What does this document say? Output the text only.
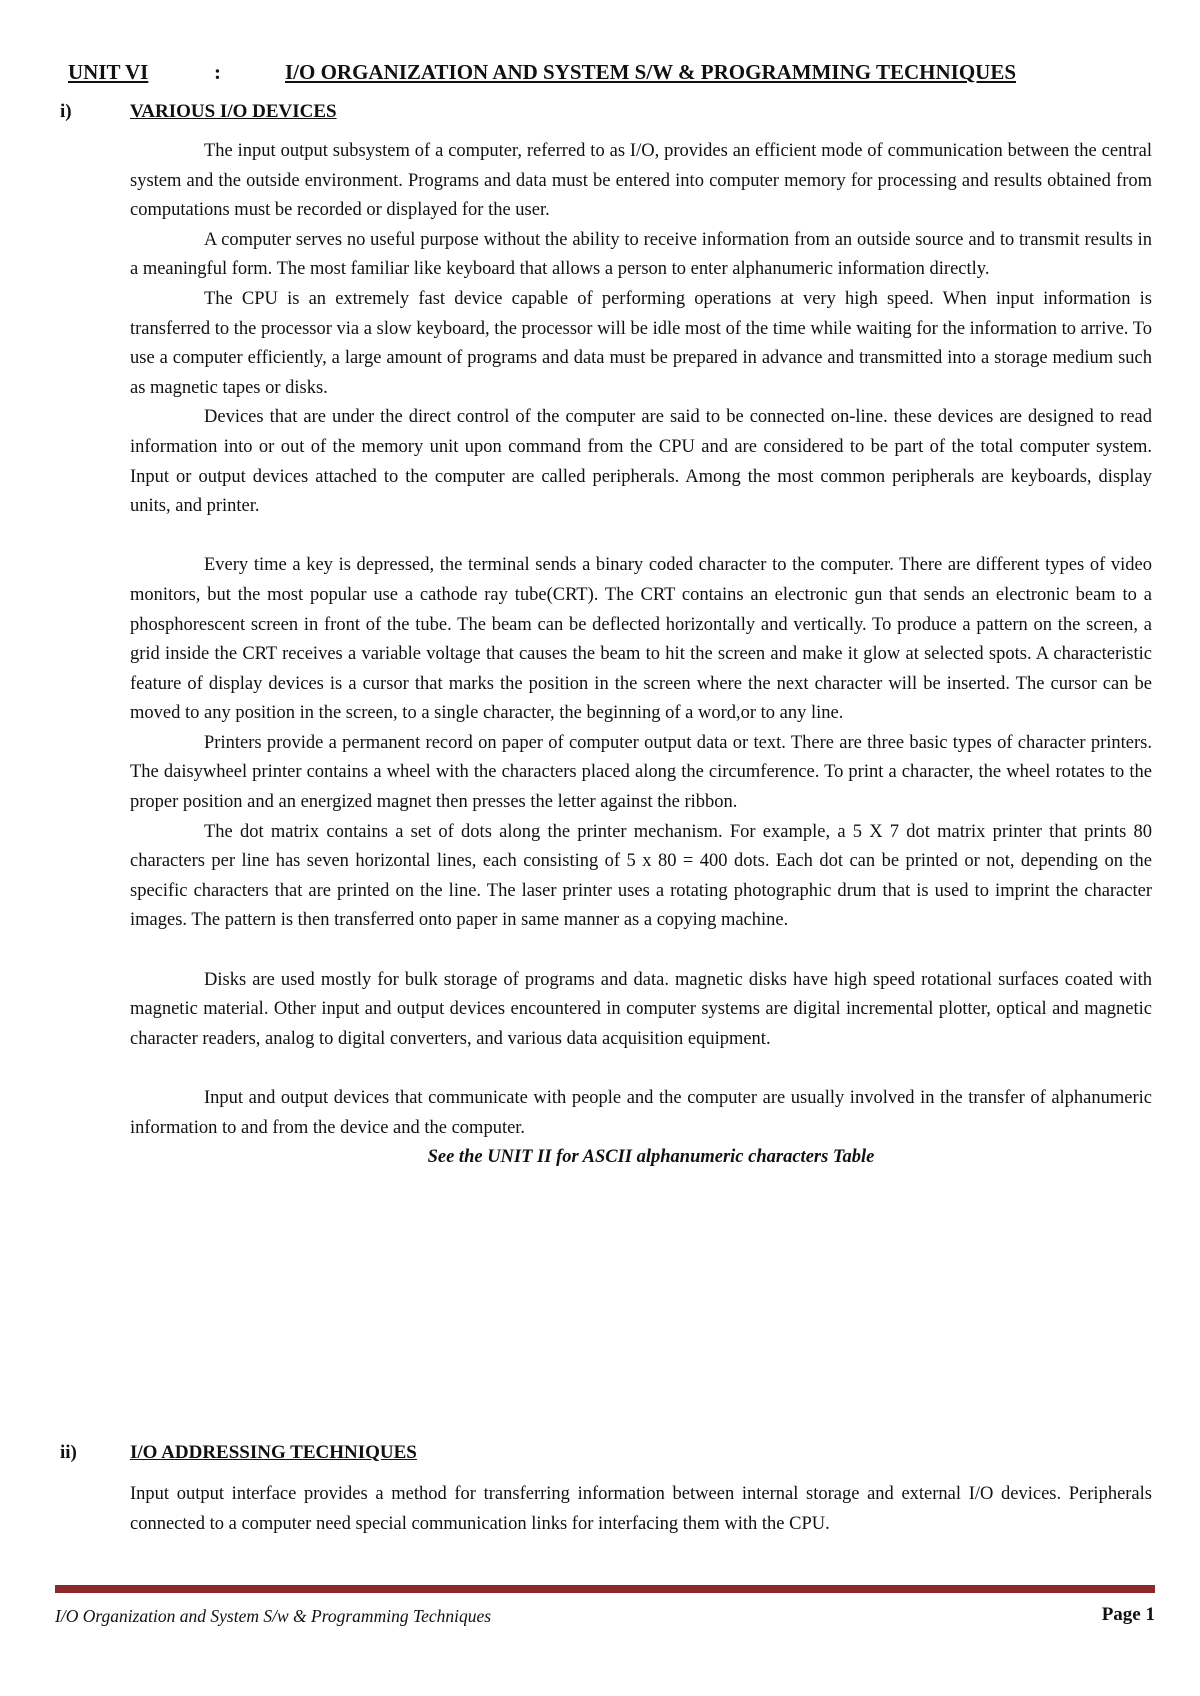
UNIT VI	:	I/O ORGANIZATION AND SYSTEM S/W & PROGRAMMING TECHNIQUES
i)	VARIOUS I/O DEVICES

The input output subsystem of a computer, referred to as I/O, provides an efficient mode of communication between the central system and the outside environment. Programs and data must be entered into computer memory for processing and results obtained from computations must be recorded or displayed for the user.

A computer serves no useful purpose without the ability to receive information from an outside source and to transmit results in a meaningful form. The most familiar like keyboard that allows a person to enter alphanumeric information directly.

The CPU is an extremely fast device capable of performing operations at very high speed. When input information is transferred to the processor via a slow keyboard, the processor will be idle most of the time while waiting for the information to arrive. To use a computer efficiently, a large amount of programs and data must be prepared in advance and transmitted into a storage medium such as magnetic tapes or disks.

Devices that are under the direct control of the computer are said to be connected on-line. these devices are designed to read information into or out of the memory unit upon command from the CPU and are considered to be part of the total computer system. Input or output devices attached to the computer are called peripherals. Among the most common peripherals are keyboards, display units, and printer.

Every time a key is depressed, the terminal sends a binary coded character to the computer. There are different types of video monitors, but the most popular use a cathode ray tube(CRT). The CRT contains an electronic gun that sends an electronic beam to a phosphorescent screen in front of the tube. The beam can be deflected horizontally and vertically. To produce a pattern on the screen, a grid inside the CRT receives a variable voltage that causes the beam to hit the screen and make it glow at selected spots. A characteristic feature of display devices is a cursor that marks the position in the screen where the next character will be inserted. The cursor can be moved to any position in the screen, to a single character, the beginning of a word,or to any line.

Printers provide a permanent record on paper of computer output data or text. There are three basic types of character printers. The daisywheel printer contains a wheel with the characters placed along the circumference. To print a character, the wheel rotates to the proper position and an energized magnet then presses the letter against the ribbon.

The dot matrix contains a set of dots along the printer mechanism. For example, a 5 X 7 dot matrix printer that prints 80 characters per line has seven horizontal lines, each consisting of 5 x 80 = 400 dots. Each dot can be printed or not, depending on the specific characters that are printed on the line. The laser printer uses a rotating photographic drum that is used to imprint the character images. The pattern is then transferred onto paper in same manner as a copying machine.

Disks are used mostly for bulk storage of programs and data. magnetic disks have high speed rotational surfaces coated with magnetic material. Other input and output devices encountered in computer systems are digital incremental plotter, optical and magnetic character readers, analog to digital converters, and various data acquisition equipment.

Input and output devices that communicate with people and the computer are usually involved in the transfer of alphanumeric information to and from the device and the computer.

See the UNIT II for ASCII alphanumeric characters Table

ii)	I/O ADDRESSING TECHNIQUES

Input output interface provides a method for transferring information between internal storage and external I/O devices. Peripherals connected to a computer need special communication links for interfacing them with the CPU.

I/O Organization and System S/w & Programming Techniques	Page 1
